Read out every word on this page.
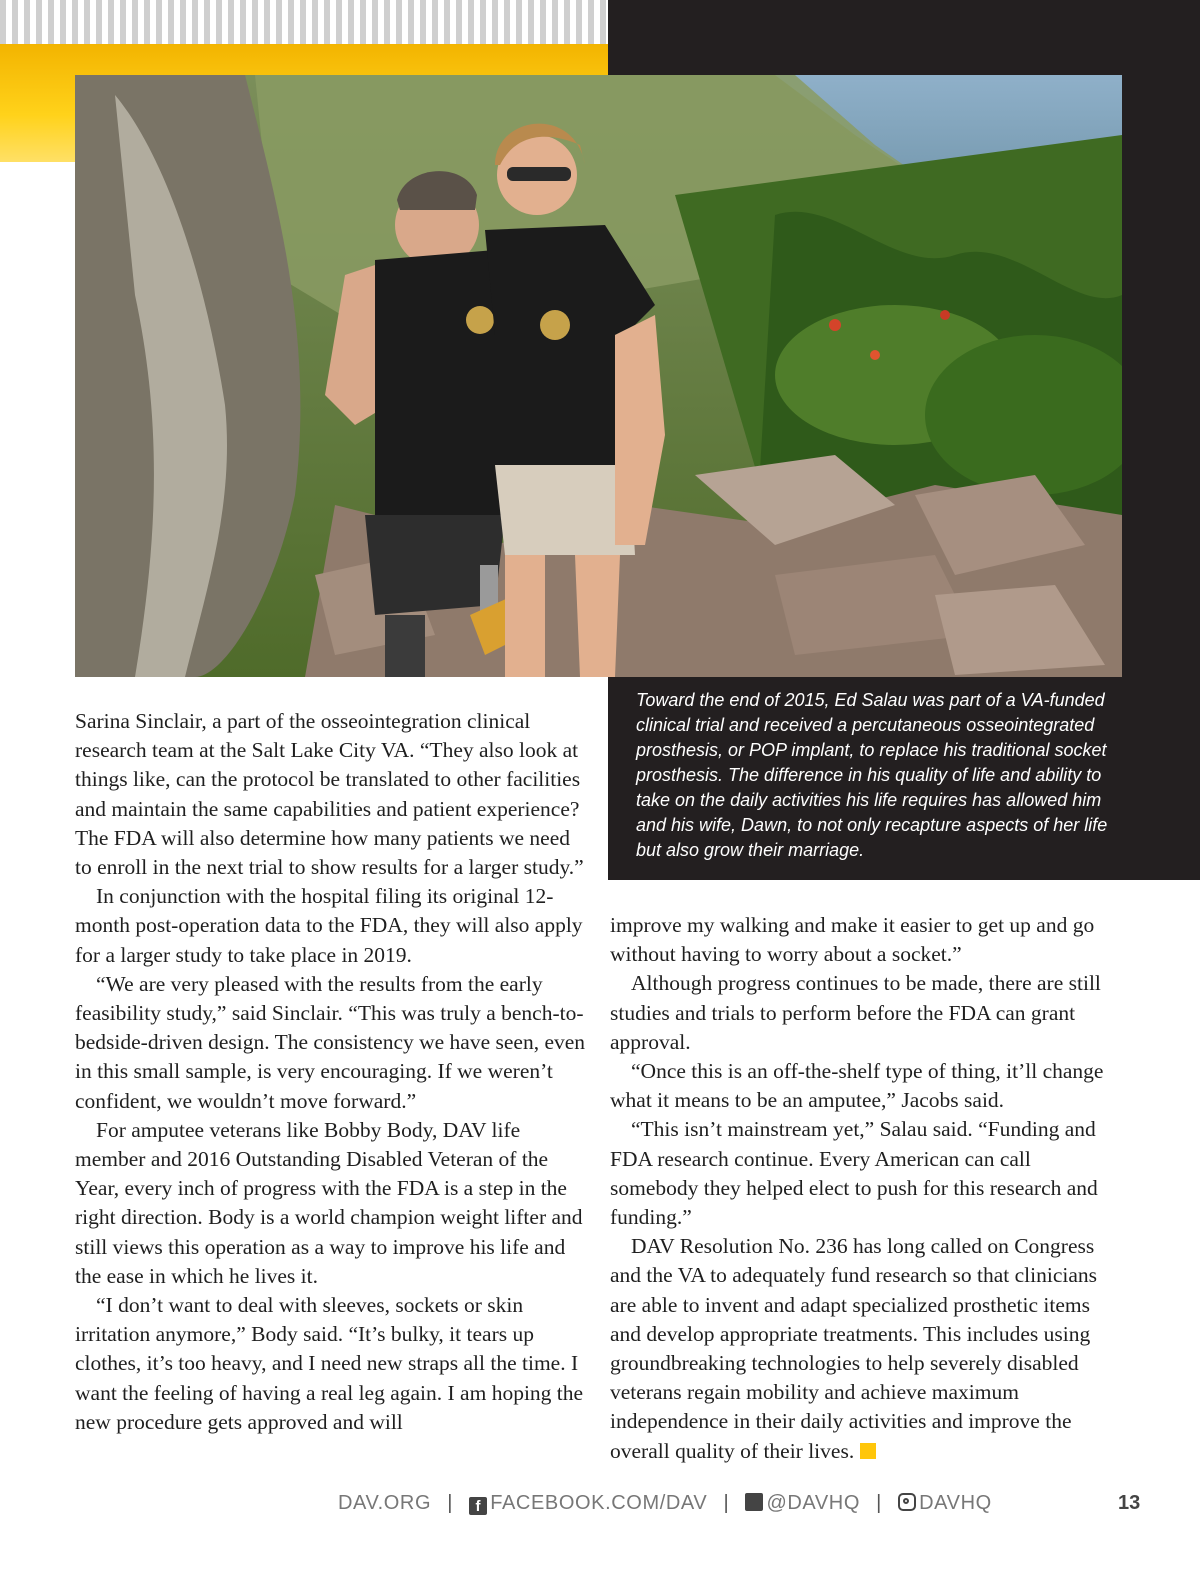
Toward the end of 2015, Ed Salau was part of a VA-funded clinical trial and received a percutaneous osseointegrated prosthesis, or POP implant, to replace his traditional socket prosthesis. The difference in his quality of life and ability to take on the daily activities his life requires has allowed him and his wife, Dawn, to not only recapture aspects of her life but also grow their marriage.

Sarina Sinclair, a part of the osseointegration clinical research team at the Salt Lake City VA. “They also look at things like, can the protocol be translated to other facilities and maintain the same capabilities and patient experience? The FDA will also determine how many patients we need to enroll in the next trial to show results for a larger study.”

In conjunction with the hospital filing its original 12-month post-operation data to the FDA, they will also apply for a larger study to take place in 2019.

“We are very pleased with the results from the early feasibility study,” said Sinclair. “This was truly a bench-to-bedside-driven design. The consistency we have seen, even in this small sample, is very encouraging. If we weren’t confident, we wouldn’t move forward.”

For amputee veterans like Bobby Body, DAV life member and 2016 Outstanding Disabled Veteran of the Year, every inch of progress with the FDA is a step in the right direction. Body is a world champion weight lifter and still views this operation as a way to improve his life and the ease in which he lives it.

“I don’t want to deal with sleeves, sockets or skin irritation anymore,” Body said. “It’s bulky, it tears up clothes, it’s too heavy, and I need new straps all the time. I want the feeling of having a real leg again. I am hoping the new procedure gets approved and will

improve my walking and make it easier to get up and go without having to worry about a socket.”

Although progress continues to be made, there are still studies and trials to perform before the FDA can grant approval.

“Once this is an off-the-shelf type of thing, it’ll change what it means to be an amputee,” Jacobs said.

“This isn’t mainstream yet,” Salau said. “Funding and FDA research continue. Every American can call somebody they helped elect to push for this research and funding.”

DAV Resolution No. 236 has long called on Congress and the VA to adequately fund research so that clinicians are able to invent and adapt specialized prosthetic items and develop appropriate treatments. This includes using groundbreaking technologies to help severely disabled veterans regain mobility and achieve maximum independence in their daily activities and improve the overall quality of their lives.

DAV.ORG | f FACEBOOK.COM/DAV | @DAVHQ | DAVHQ	13
